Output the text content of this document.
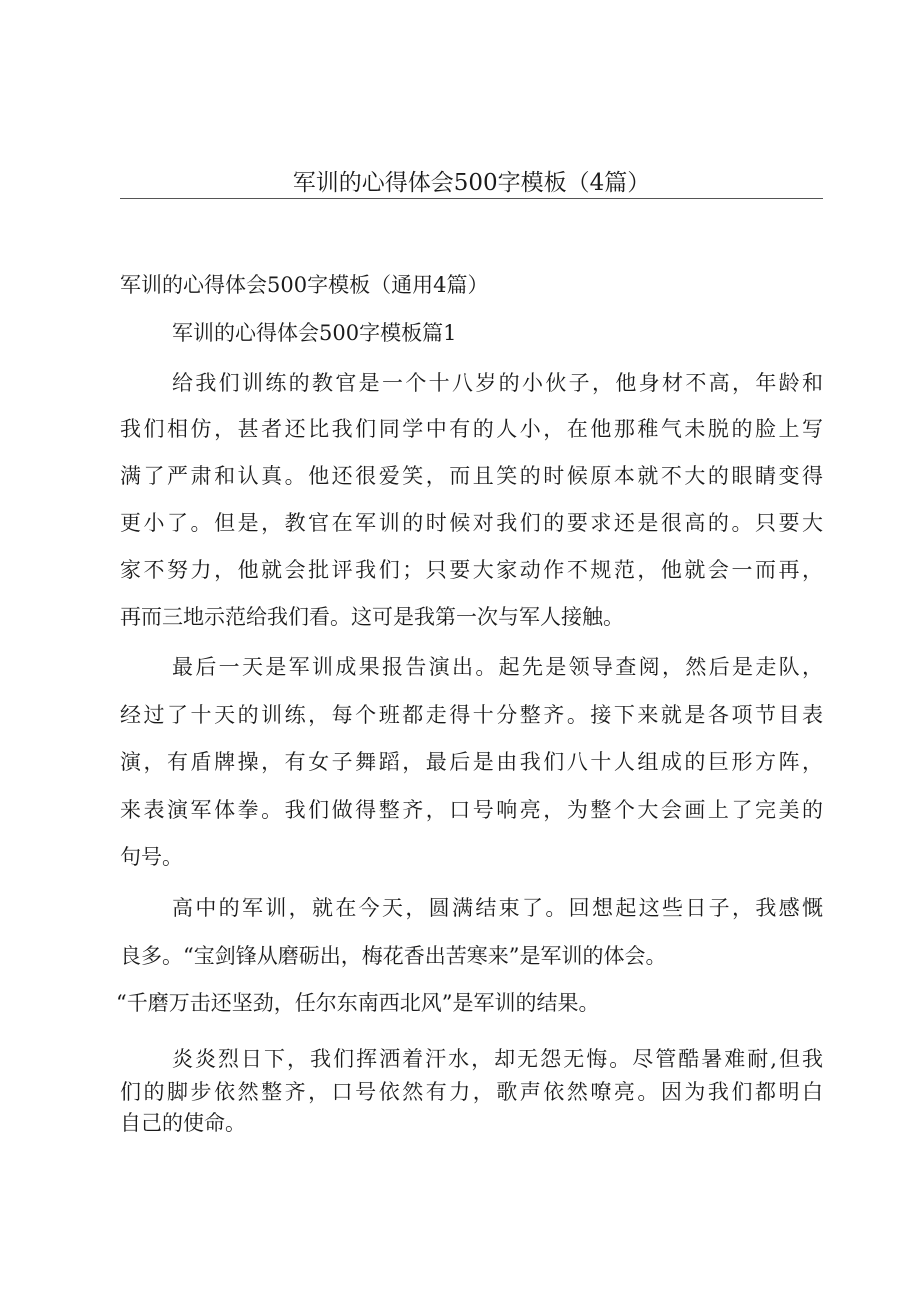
军训的心得体会500字模板（4篇）
军训的心得体会500字模板（通用4篇）
军训的心得体会500字模板篇1
给我们训练的教官是一个十八岁的小伙子，他身材不高，年龄和
我们相仿，甚者还比我们同学中有的人小，在他那稚气未脱的脸上写
满了严肃和认真。他还很爱笑，而且笑的时候原本就不大的眼睛变得
更小了。但是，教官在军训的时候对我们的要求还是很高的。只要大
家不努力，他就会批评我们；只要大家动作不规范，他就会一而再，
再而三地示范给我们看。这可是我第一次与军人接触。
最后一天是军训成果报告演出。起先是领导查阅，然后是走队，
经过了十天的训练，每个班都走得十分整齐。接下来就是各项节目表
演，有盾牌操，有女子舞蹈，最后是由我们八十人组成的巨形方阵，
来表演军体拳。我们做得整齐，口号响亮，为整个大会画上了完美的
句号。
高中的军训，就在今天，圆满结束了。回想起这些日子，我感慨
良多。“宝剑锋从磨砺出，梅花香出苦寒来”是军训的体会。
“千磨万击还坚劲，任尔东南西北风”是军训的结果。
炎炎烈日下，我们挥洒着汗水，却无怨无悔。尽管酷暑难耐,但我
们的脚步依然整齐，口号依然有力，歌声依然嘹亮。因为我们都明白
自己的使命。
